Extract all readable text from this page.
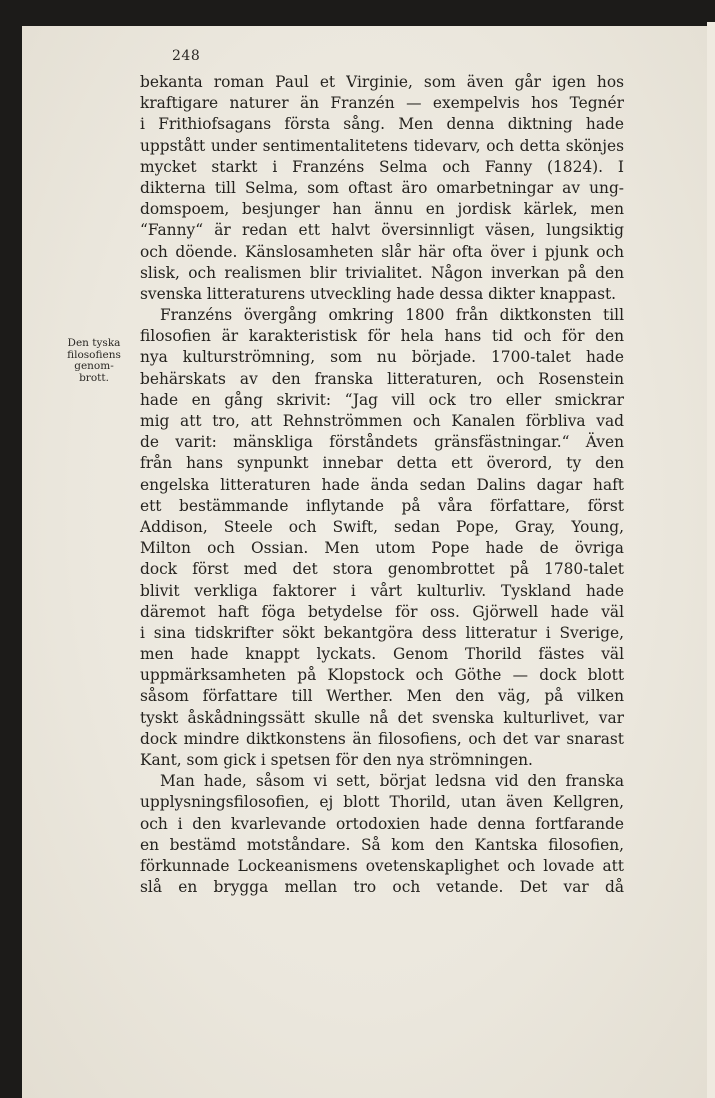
248
Den tyska
filosofiens
genom-
brott.
bekanta roman Paul et Virginie, som även går igen hos
kraftigare naturer än Franzén — exempelvis hos Tegnér
i Frithiofsagans första sång. Men denna diktning hade
uppstått under sentimentalitetens tidevarv, och detta skönjes
mycket starkt i Franzéns Selma och Fanny (1824). I
dikterna till Selma, som oftast äro omarbetningar av ung-
domspoem, besjunger han ännu en jordisk kärlek, men
“Fanny“ är redan ett halvt översinnligt väsen, lungsiktig
och döende. Känslosamheten slår här ofta över i pjunk och
slisk, och realismen blir trivialitet. Någon inverkan på den
svenska litteraturens utveckling hade dessa dikter knappast.
Franzéns övergång omkring 1800 från diktkonsten till
filosofien är karakteristisk för hela hans tid och för den
nya kulturströmning, som nu började. 1700-talet hade
behärskats av den franska litteraturen, och Rosenstein
hade en gång skrivit: “Jag vill ock tro eller smickrar
mig att tro, att Rehnströmmen och Kanalen förbliva vad
de varit: mänskliga förståndets gränsfästningar.“ Även
från hans synpunkt innebar detta ett överord, ty den
engelska litteraturen hade ända sedan Dalins dagar haft
ett bestämmande inflytande på våra författare, först
Addison, Steele och Swift, sedan Pope, Gray, Young,
Milton och Ossian. Men utom Pope hade de övriga
dock först med det stora genombrottet på 1780-talet
blivit verkliga faktorer i vårt kulturliv. Tyskland hade
däremot haft föga betydelse för oss. Gjörwell hade väl
i sina tidskrifter sökt bekantgöra dess litteratur i Sverige,
men hade knappt lyckats. Genom Thorild fästes väl
uppmärksamheten på Klopstock och Göthe — dock blott
såsom författare till Werther. Men den väg, på vilken
tyskt åskådningssätt skulle nå det svenska kulturlivet, var
dock mindre diktkonstens än filosofiens, och det var snarast
Kant, som gick i spetsen för den nya strömningen.
Man hade, såsom vi sett, börjat ledsna vid den franska
upplysningsfilosofien, ej blott Thorild, utan även Kellgren,
och i den kvarlevande ortodoxien hade denna fortfarande
en bestämd motståndare. Så kom den Kantska filosofien,
förkunnade Lockeanismens ovetenskaplighet och lovade att
slå en brygga mellan tro och vetande. Det var då
